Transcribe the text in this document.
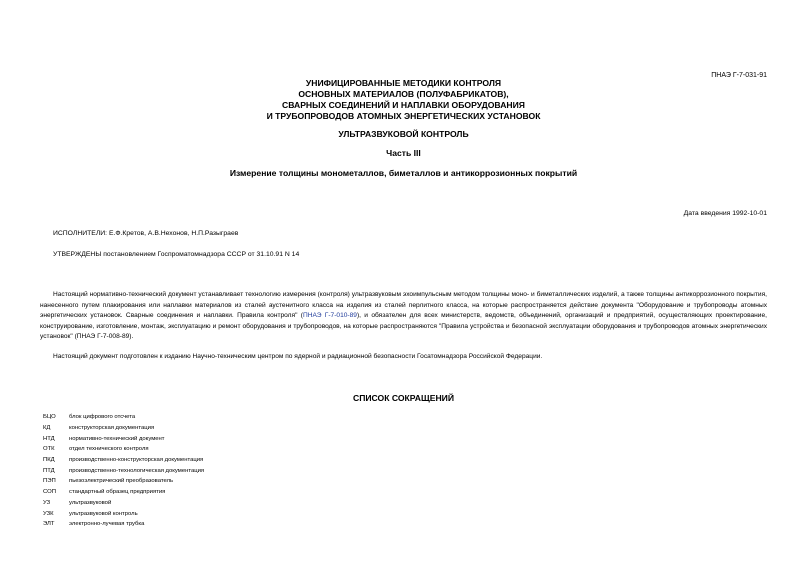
ПНАЭ Г-7-031-91
УНИФИЦИРОВАННЫЕ МЕТОДИКИ КОНТРОЛЯ
ОСНОВНЫХ МАТЕРИАЛОВ (ПОЛУФАБРИКАТОВ),
СВАРНЫХ СОЕДИНЕНИЙ И НАПЛАВКИ ОБОРУДОВАНИЯ
И ТРУБОПРОВОДОВ АТОМНЫХ ЭНЕРГЕТИЧЕСКИХ УСТАНОВОК
УЛЬТРАЗВУКОВОЙ КОНТРОЛЬ
Часть III
Измерение толщины монометаллов, биметаллов и антикоррозионных покрытий
Дата введения 1992-10-01
ИСПОЛНИТЕЛИ: Е.Ф.Кретов, А.В.Нехонов, Н.П.Разыграев
УТВЕРЖДЕНЫ постановлением Госпроматомнадзора СССР от 31.10.91 N 14
Настоящий нормативно-технический документ устанавливает технологию измерения (контроля) ультразвуковым эхоимпульсным методом толщины моно- и биметаллических изделий, а также толщины антикоррозионного покрытия, нанесенного путем плакирования или наплавки материалов из сталей аустенитного класса на изделия из сталей перлитного класса, на которые распространяется действие документа "Оборудование и трубопроводы атомных энергетических установок. Сварные соединения и наплавки. Правила контроля" (ПНАЭ Г-7-010-89), и обязателен для всех министерств, ведомств, объединений, организаций и предприятий, осуществляющих проектирование, конструирование, изготовление, монтаж, эксплуатацию и ремонт оборудования и трубопроводов, на которые распространяются "Правила устройства и безопасной эксплуатации оборудования и трубопроводов атомных энергетических установок" (ПНАЭ Г-7-008-89).
Настоящий документ подготовлен к изданию Научно-техническим центром по ядерной и радиационной безопасности Госатомнадзора Российской Федерации.
СПИСОК СОКРАЩЕНИЙ
БЦО	блок цифрового отсчета
КД	конструкторская документация
НТД	нормативно-технический документ
ОТК	отдел технического контроля
ПКД	производственно-конструкторская документация
ПТД	производственно-технологическая документация
ПЭП	пьезоэлектрический преобразователь
СОП	стандартный образец предприятия
УЗ	ультразвуковой
УЗК	ультразвуковой контроль
ЭЛТ	электронно-лучевая трубка
